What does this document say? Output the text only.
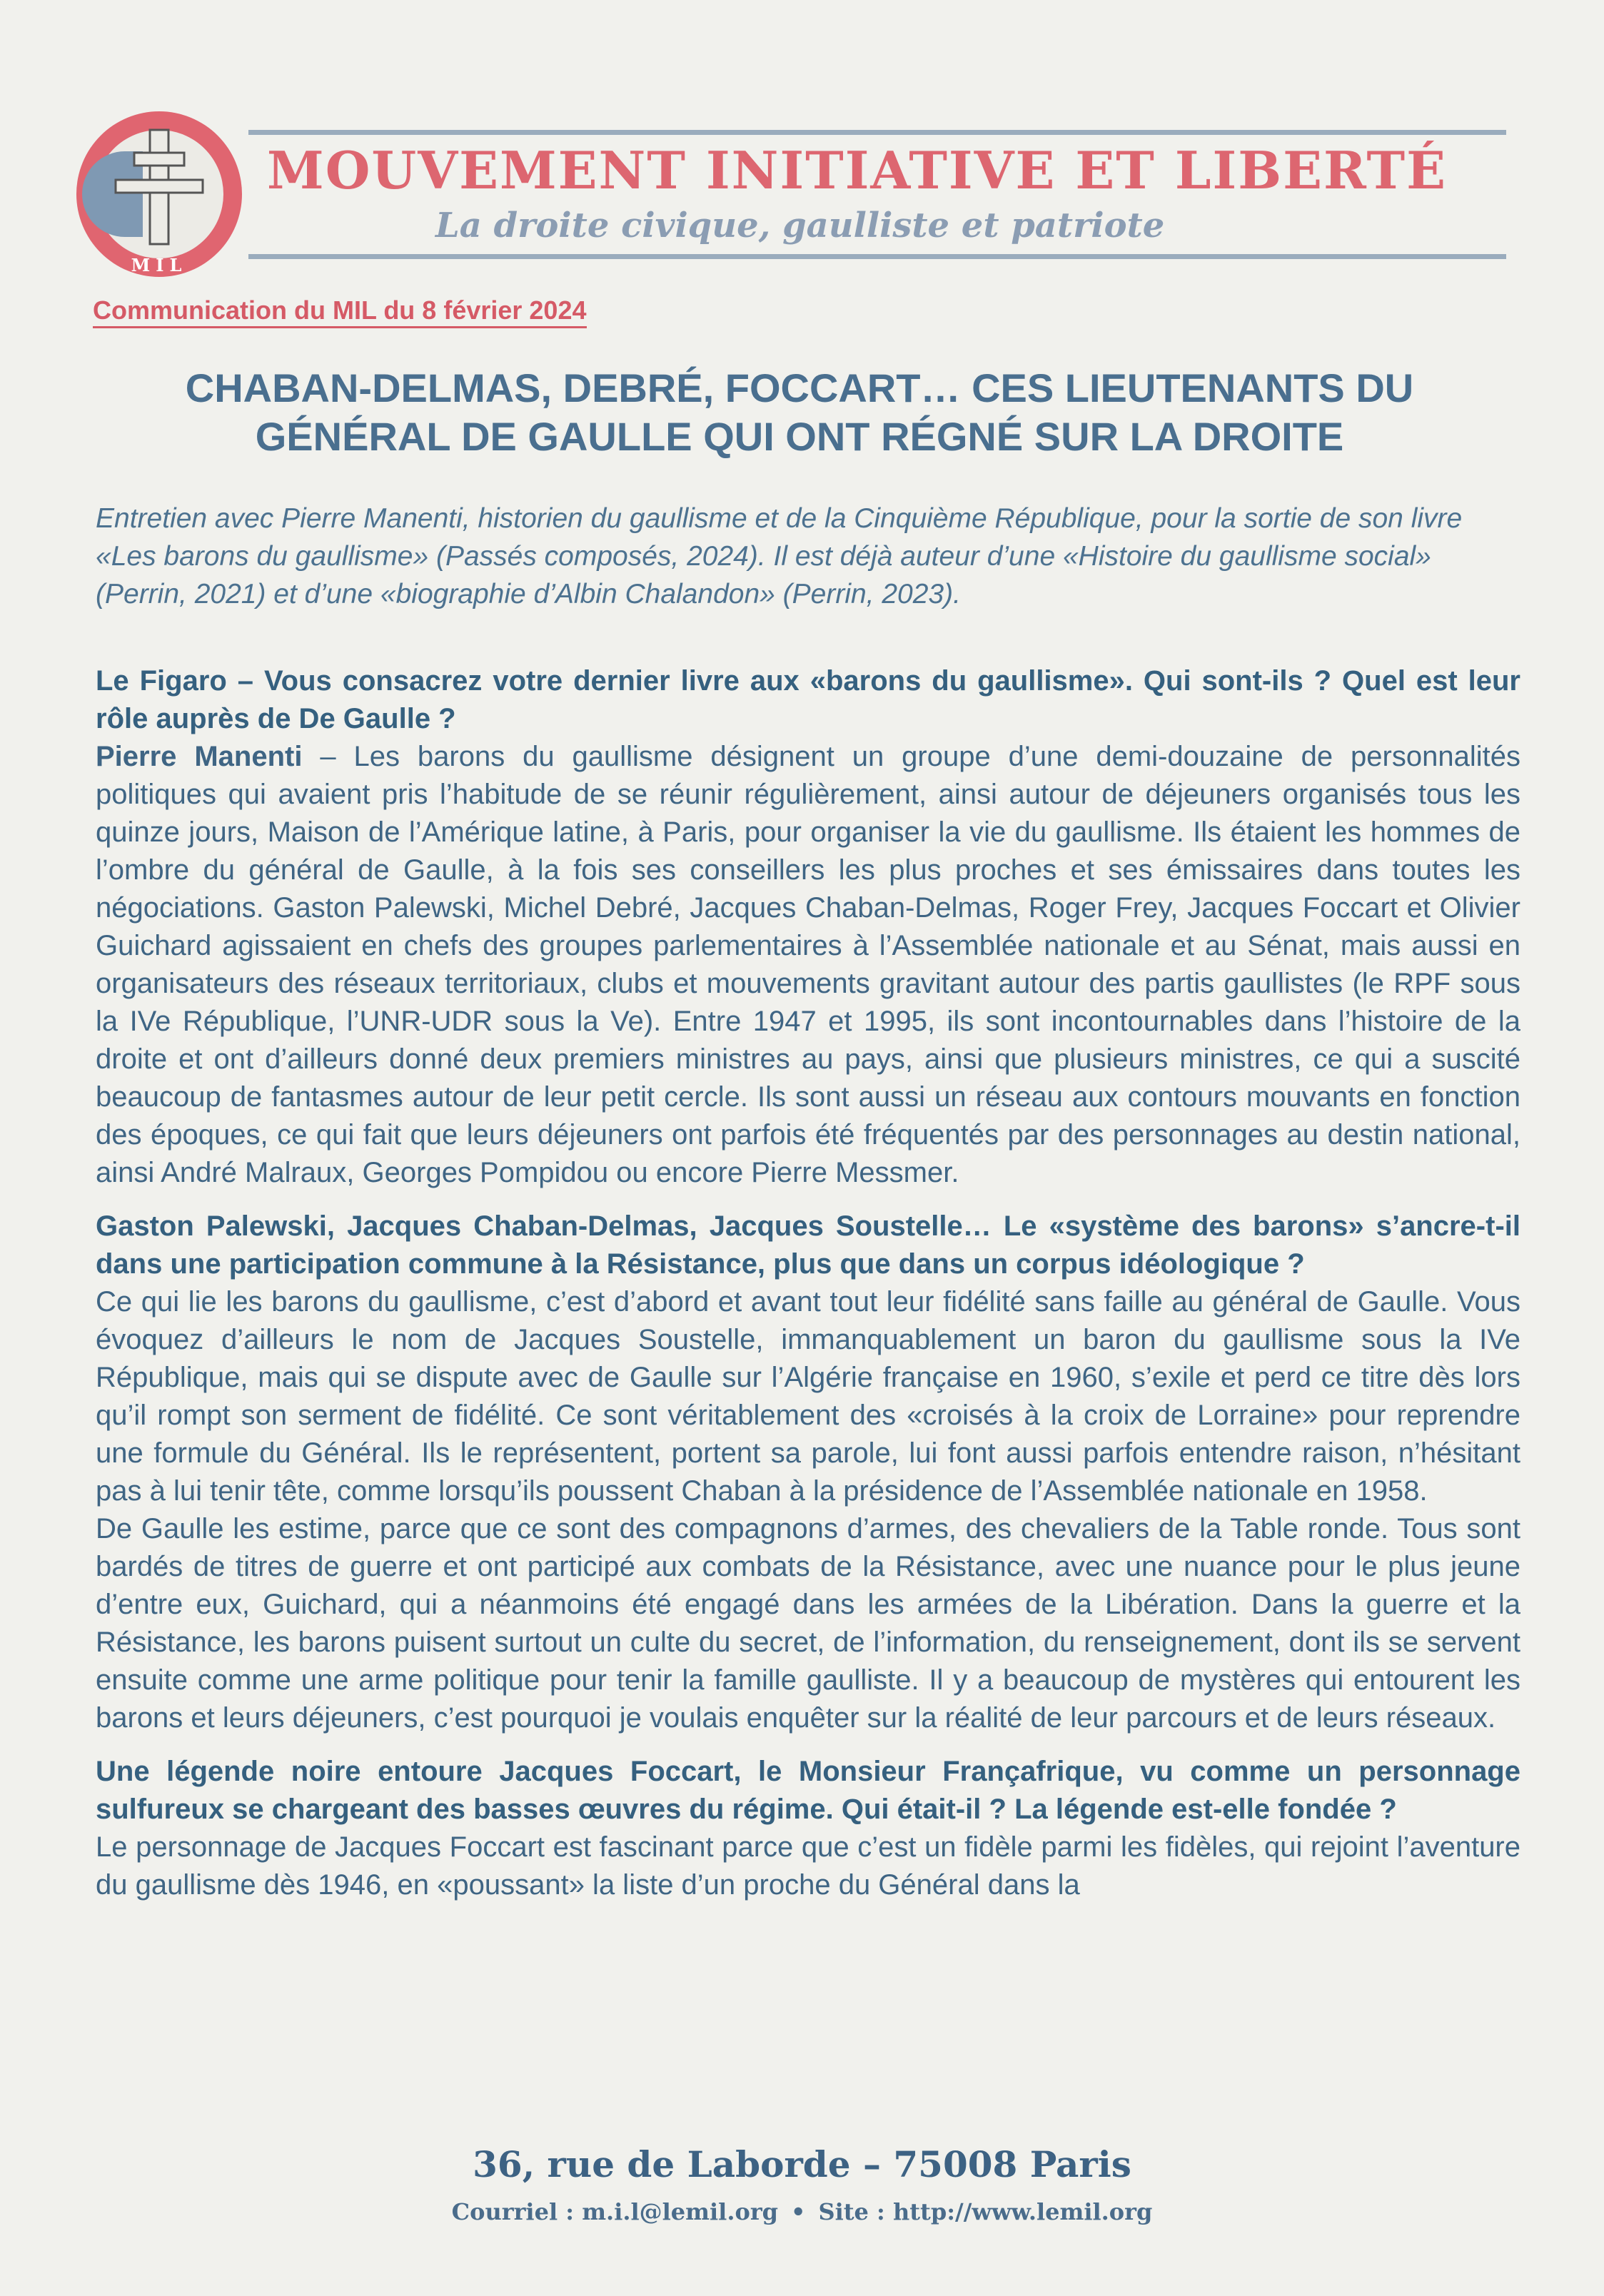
MIL
MOUVEMENT INITIATIVE ET LIBERTÉ
La droite civique, gaulliste et patriote
Communication du MIL du 8 février 2024
CHABAN-DELMAS, DEBRÉ, FOCCART… CES LIEUTENANTS DU
GÉNÉRAL DE GAULLE QUI ONT RÉGNÉ SUR LA DROITE
Entretien avec Pierre Manenti, historien du gaullisme et de la Cinquième République, pour la sortie de son livre «Les barons du gaullisme» (Passés composés, 2024). Il est déjà auteur d’une «Histoire du gaullisme social» (Perrin, 2021) et d’une «biographie d’Albin Chalandon» (Perrin, 2023).

Le Figaro – Vous consacrez votre dernier livre aux «barons du gaullisme». Qui sont-ils ? Quel est leur rôle auprès de De Gaulle ?

Pierre Manenti – Les barons du gaullisme désignent un groupe d’une demi-douzaine de personnalités politiques qui avaient pris l’habitude de se réunir régulièrement, ainsi autour de déjeuners organisés tous les quinze jours, Maison de l’Amérique latine, à Paris, pour organiser la vie du gaullisme. Ils étaient les hommes de l’ombre du général de Gaulle, à la fois ses conseillers les plus proches et ses émissaires dans toutes les négociations. Gaston Palewski, Michel Debré, Jacques Chaban-Delmas, Roger Frey, Jacques Foccart et Olivier Guichard agissaient en chefs des groupes parlementaires à l’Assemblée nationale et au Sénat, mais aussi en organisateurs des réseaux territoriaux, clubs et mouvements gravitant autour des partis gaullistes (le RPF sous la IVe République, l’UNR-UDR sous la Ve). Entre 1947 et 1995, ils sont incontournables dans l’histoire de la droite et ont d’ailleurs donné deux premiers ministres au pays, ainsi que plusieurs ministres, ce qui a suscité beaucoup de fantasmes autour de leur petit cercle. Ils sont aussi un réseau aux contours mouvants en fonction des époques, ce qui fait que leurs déjeuners ont parfois été fréquentés par des personnages au destin national, ainsi André Malraux, Georges Pompidou ou encore Pierre Messmer.

Gaston Palewski, Jacques Chaban-Delmas, Jacques Soustelle… Le «système des barons» s’ancre-t-il dans une participation commune à la Résistance, plus que dans un corpus idéologique ?

Ce qui lie les barons du gaullisme, c’est d’abord et avant tout leur fidélité sans faille au général de Gaulle. Vous évoquez d’ailleurs le nom de Jacques Soustelle, immanquablement un baron du gaullisme sous la IVe République, mais qui se dispute avec de Gaulle sur l’Algérie française en 1960, s’exile et perd ce titre dès lors qu’il rompt son serment de fidélité. Ce sont véritablement des «croisés à la croix de Lorraine» pour reprendre une formule du Général. Ils le représentent, portent sa parole, lui font aussi parfois entendre raison, n’hésitant pas à lui tenir tête, comme lorsqu’ils poussent Chaban à la présidence de l’Assemblée nationale en 1958.

De Gaulle les estime, parce que ce sont des compagnons d’armes, des chevaliers de la Table ronde. Tous sont bardés de titres de guerre et ont participé aux combats de la Résistance, avec une nuance pour le plus jeune d’entre eux, Guichard, qui a néanmoins été engagé dans les armées de la Libération. Dans la guerre et la Résistance, les barons puisent surtout un culte du secret, de l’information, du renseignement, dont ils se servent ensuite comme une arme politique pour tenir la famille gaulliste. Il y a beaucoup de mystères qui entourent les barons et leurs déjeuners, c’est pourquoi je voulais enquêter sur la réalité de leur parcours et de leurs réseaux.

Une légende noire entoure Jacques Foccart, le Monsieur Françafrique, vu comme un personnage sulfureux se chargeant des basses œuvres du régime. Qui était-il ? La légende est-elle fondée ?

Le personnage de Jacques Foccart est fascinant parce que c’est un fidèle parmi les fidèles, qui rejoint l’aventure du gaullisme dès 1946, en «poussant» la liste d’un proche du Général dans la

36, rue de Laborde – 75008 Paris
Courriel : m.i.l@lemil.org • Site : http://www.lemil.org
